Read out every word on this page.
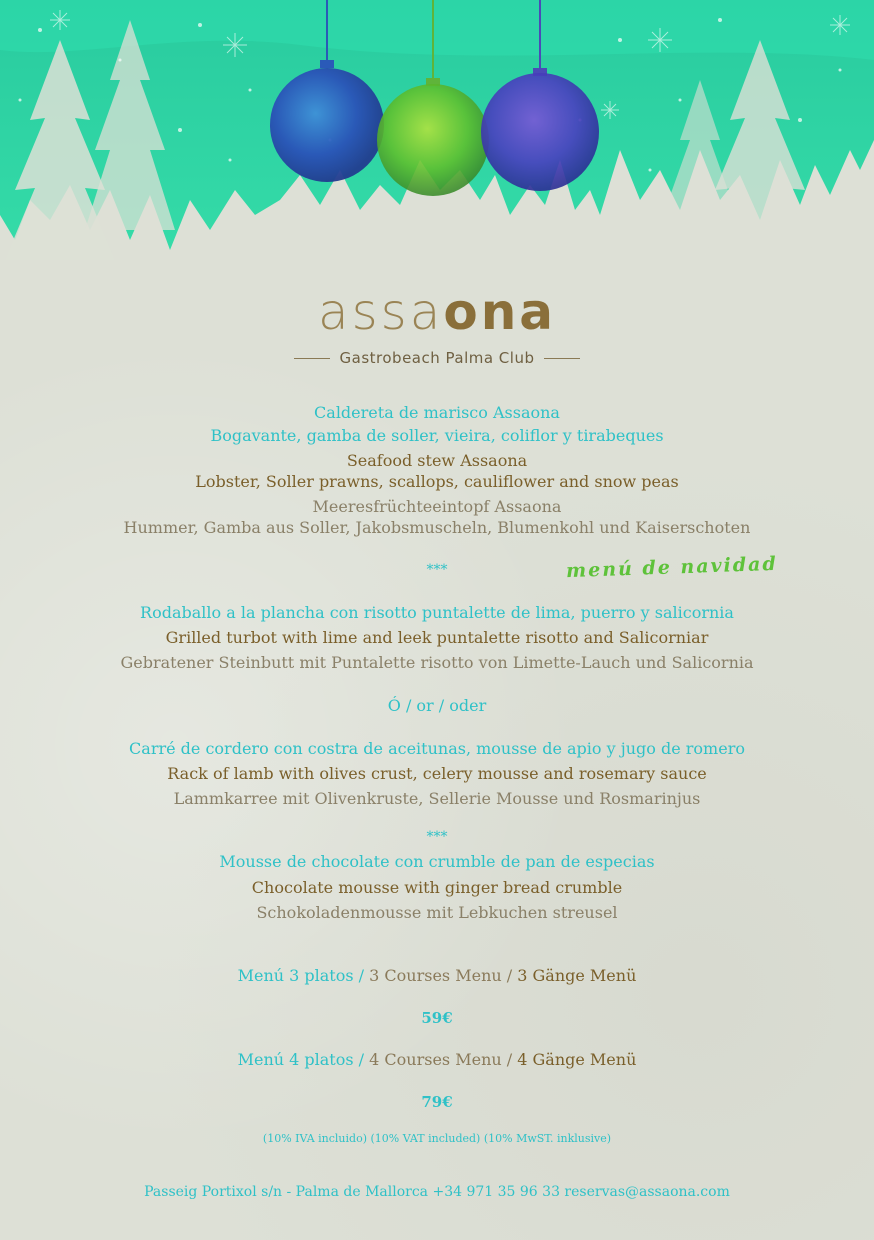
assaona
Gastrobeach Palma Club
Caldereta de marisco Assaona
Bogavante, gamba de soller, vieira, coliflor y tirabeques
Seafood stew Assaona
Lobster, Soller prawns, scallops, cauliflower and snow peas
Meeresfrüchteeintopf Assaona
Hummer, Gamba aus Soller, Jakobsmuscheln, Blumenkohl und Kaiserschoten
***	menú de navidad
Rodaballo a la plancha con risotto puntalette de lima, puerro y salicornia
Grilled turbot with lime and leek puntalette risotto and Salicorniar
Gebratener Steinbutt mit Puntalette risotto von Limette-Lauch und Salicornia
Ó / or / oder
Carré de cordero con costra de aceitunas, mousse de apio y jugo de romero
Rack of lamb with olives crust, celery mousse and rosemary sauce
Lammkarree mit Olivenkruste, Sellerie Mousse und Rosmarinjus
***
Mousse de chocolate con crumble de pan de especias
Chocolate mousse with ginger bread crumble
Schokoladenmousse mit Lebkuchen streusel
Menú 3 platos / 3 Courses Menu / 3 Gänge Menü
59€
Menú 4 platos / 4 Courses Menu / 4 Gänge Menü
79€
(10% IVA incluido) (10% VAT included) (10% MwST. inklusive)
Passeig Portixol s/n - Palma de Mallorca +34 971 35 96 33 reservas@assaona.com
